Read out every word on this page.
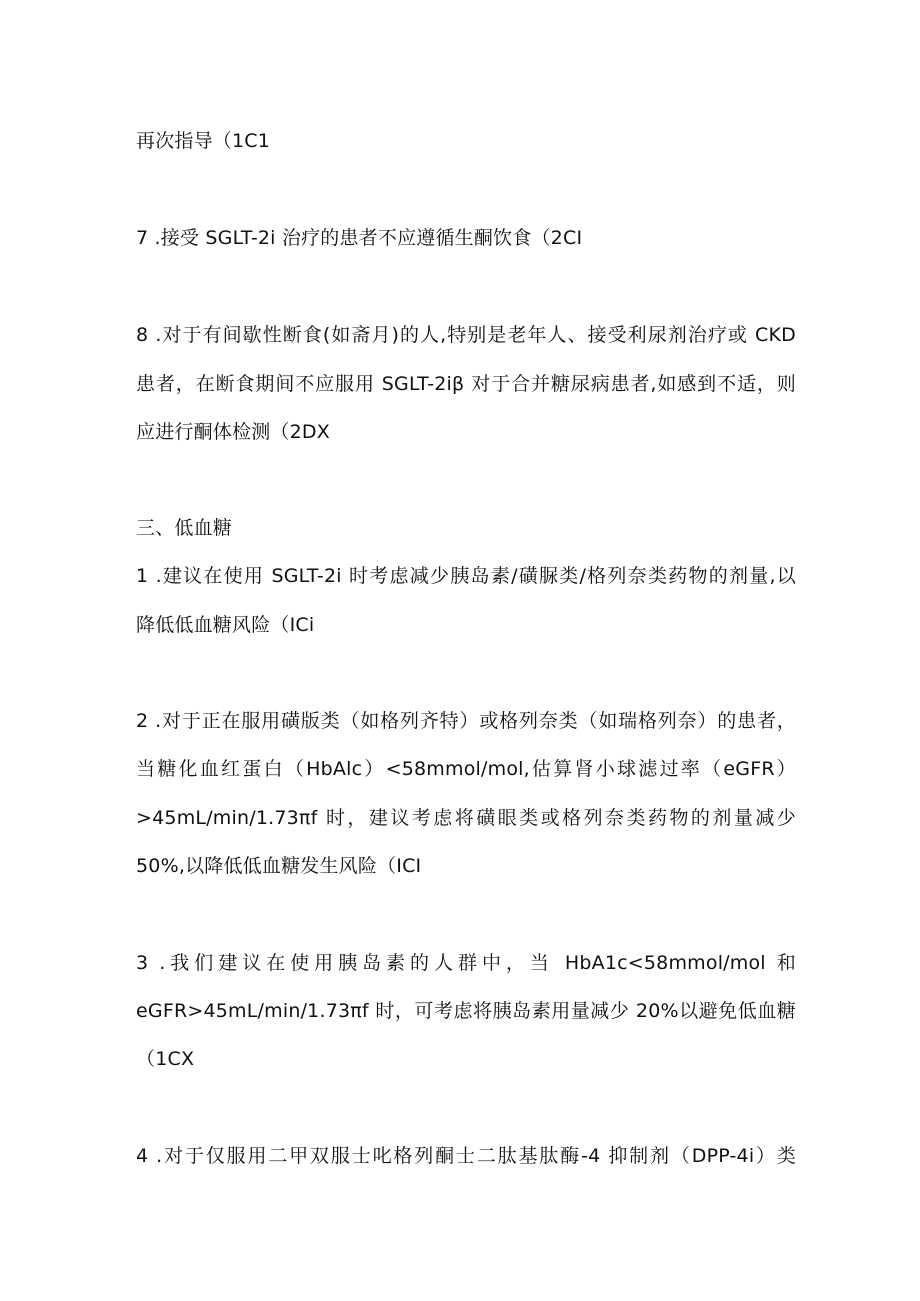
再次指导（1C1
7 .接受 SGLT-2i 治疗的患者不应遵循生酮饮食（2CI
8 .对于有间歇性断食(如斋月)的人,特别是老年人、接受利尿剂治疗或 CKD
患者，在断食期间不应服用 SGLT-2iβ 对于合并糖尿病患者,如感到不适，则
应进行酮体检测（2DX
三、低血糖
1 .建议在使用 SGLT-2i 时考虑减少胰岛素/磺脲类/格列奈类药物的剂量,以
降低低血糖风险（ICi
2 .对于正在服用磺版类（如格列齐特）或格列奈类（如瑞格列奈）的患者，
当糖化血红蛋白（HbAlc）<58mmol∕mol,估算肾小球滤过率（eGFR）
>45mL/min/1.73πf 时，建议考虑将磺眼类或格列奈类药物的剂量减少
50%,以降低低血糖发生风险（ICI
3 .我们建议在使用胰岛素的人群中，当 HbA1c<58mmol∕mol 和
eGFR>45mL∕min∕1.73πf 时，可考虑将胰岛素用量减少 20%以避免低血糖
（1CX
4 .对于仅服用二甲双服士叱格列酮士二肽基肽酶-4 抑制剂（DPP-4i）类
